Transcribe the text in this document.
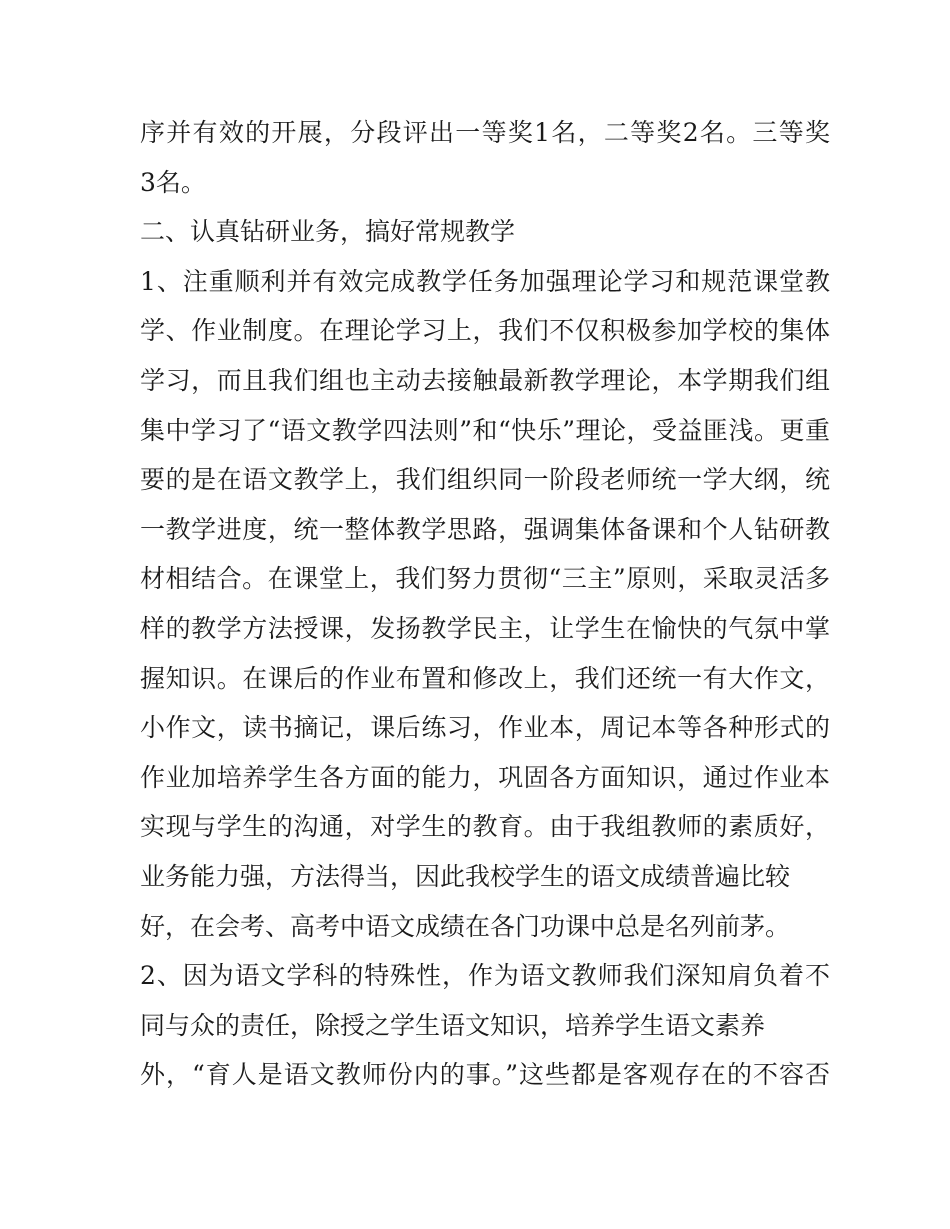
序并有效的开展，分段评出一等奖1名，二等奖2名。三等奖
3名。
二、认真钻研业务，搞好常规教学
1、注重顺利并有效完成教学任务加强理论学习和规范课堂教
学、作业制度。在理论学习上，我们不仅积极参加学校的集体
学习，而且我们组也主动去接触最新教学理论，本学期我们组
集中学习了“语文教学四法则”和“快乐”理论，受益匪浅。更重
要的是在语文教学上，我们组织同一阶段老师统一学大纲，统
一教学进度，统一整体教学思路，强调集体备课和个人钻研教
材相结合。在课堂上，我们努力贯彻“三主”原则，采取灵活多
样的教学方法授课，发扬教学民主，让学生在愉快的气氛中掌
握知识。在课后的作业布置和修改上，我们还统一有大作文，
小作文，读书摘记，课后练习，作业本，周记本等各种形式的
作业加培养学生各方面的能力，巩固各方面知识，通过作业本
实现与学生的沟通，对学生的教育。由于我组教师的素质好，
业务能力强，方法得当，因此我校学生的语文成绩普遍比较
好，在会考、高考中语文成绩在各门功课中总是名列前茅。
2、因为语文学科的特殊性，作为语文教师我们深知肩负着不
同与众的责任，除授之学生语文知识，培养学生语文素养
外，“育人是语文教师份内的事。”这些都是客观存在的不容否
